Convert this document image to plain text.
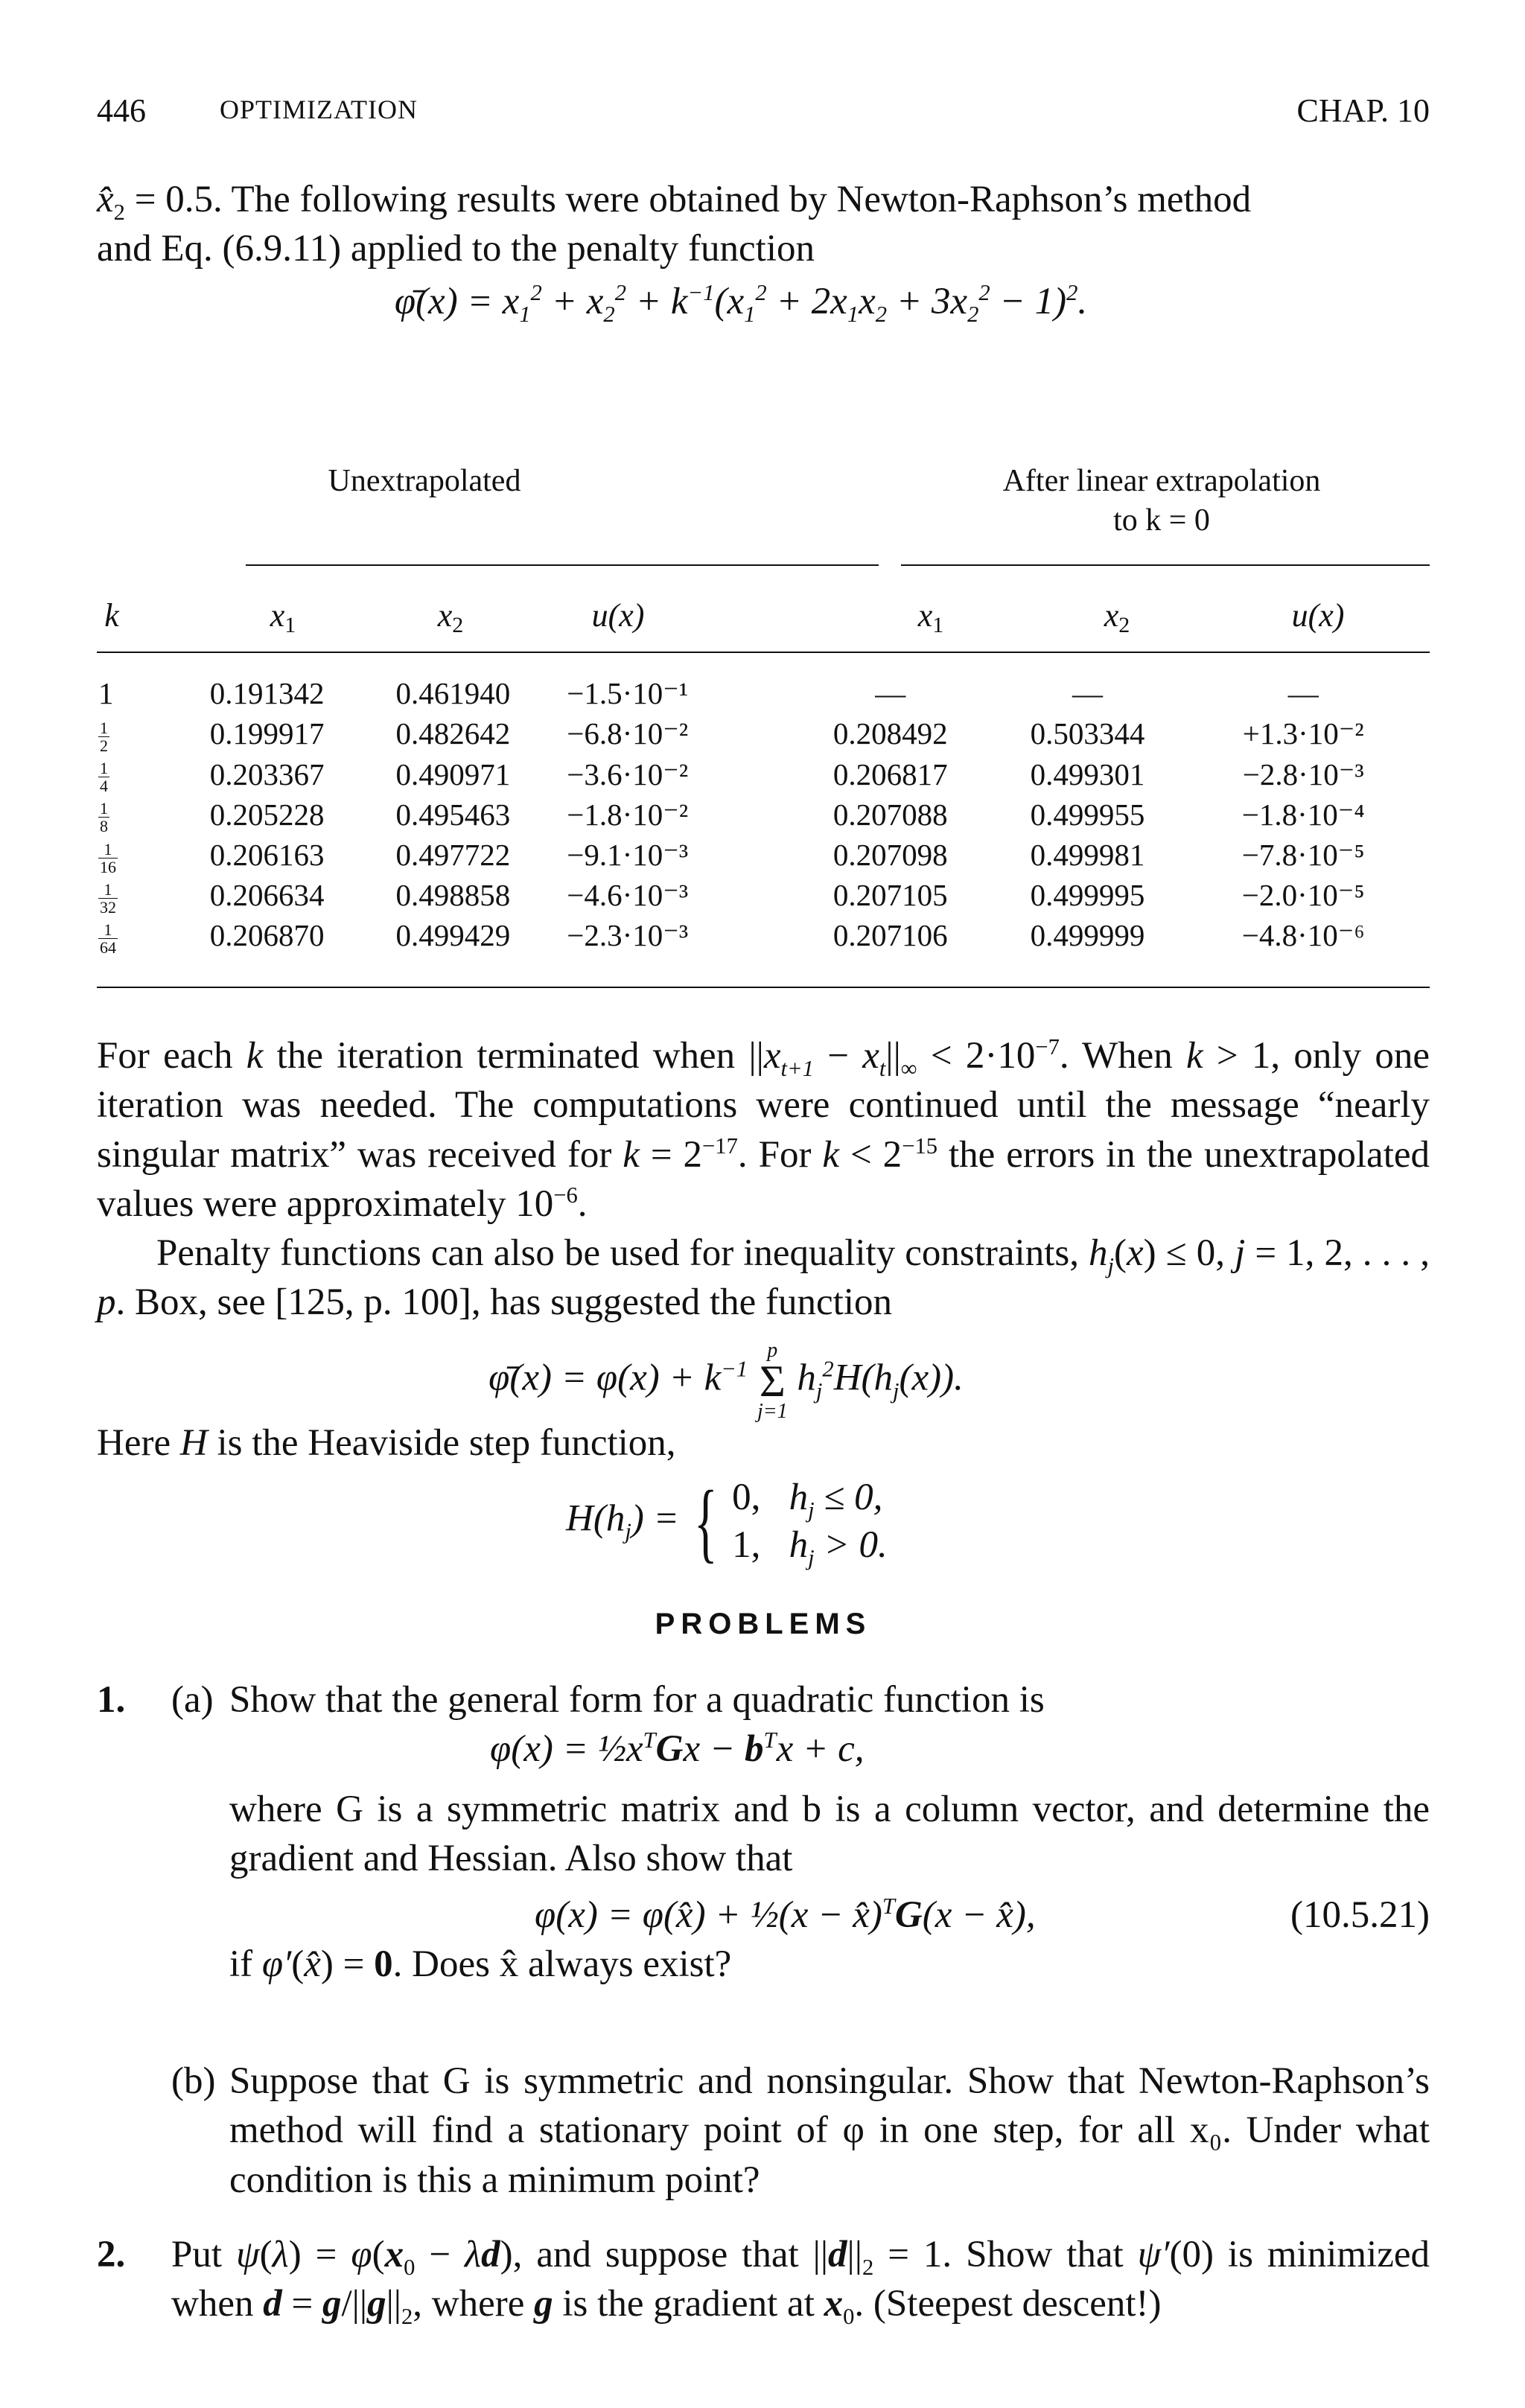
446	OPTIMIZATION	CHAP. 10

$x̂_2 = 0.5$. The following results were obtained by Newton-Raphson’s method

and Eq. (6.9.11) applied to the penalty function

φ̄(x) = $x_1^2 + x_2^2 + k^{-1}(x_1^2 + 2x_1x_2 + 3x_2^2 - 1)^2$.
Unextrapolated	After linear extrapolation
to k = 0
k	x1	x2	u(x)	x1	x2	u(x)
1	0.191342	0.461940	−1.5·10⁻¹	—	—	—

$\frac{1}{2}$	0.199917	0.482642	−6.8·10⁻²	0.208492	0.503344	+1.3·10⁻²

$\frac{1}{4}$	0.203367	0.490971	−3.6·10⁻²	0.206817	0.499301	−2.8·10⁻³

$\frac{1}{8}$	0.205228	0.495463	−1.8·10⁻²	0.207088	0.499955	−1.8·10⁻⁴

$\frac{1}{16}$	0.206163	0.497722	−9.1·10⁻³	0.207098	0.499981	−7.8·10⁻⁵

$\frac{1}{32}$	0.206634	0.498858	−4.6·10⁻³	0.207105	0.499995	−2.0·10⁻⁵

$\frac{1}{64}$	0.206870	0.499429	−2.3·10⁻³	0.207106	0.499999	−4.8·10⁻⁶

For each k the iteration terminated when $||x_{t+1} - x_t||_\infty < 2\cdot 10^{-7}$. When k > 1, only one iteration was needed. The computations were continued until the message “nearly singular matrix” was received for $k = 2^{-17}$. For $k < 2^{-15}$ the errors in the unextrapolated values were approximately $10^{-6}$.

Penalty functions can also be used for inequality constraints, $h_j(x) \le 0$, j = 1, 2, . . . , p. Box, see [125, p. 100], has suggested the function

φ̄(x) = $\varphi(x) + k^{-1}$
p
Σ
j=1
$h_j^2H(h_j(x))$.
Here H is the Heaviside step function,
$H(h_j)$ = { 0,   $h_j \le 0$,
1,   $h_j > 0$.
PROBLEMS
1. (a) Show that the general form for a quadratic function is

$\varphi(x) = \frac{1}{2}x^TGx - b^Tx + c$,

where G is a symmetric matrix and b is a column vector, and determine the gradient and Hessian. Also show that

φ(x) = φ(x̂) + ½(x − x̂)$^T$G(x − x̂),	(10.5.21)

if φ′(x̂) = 0. Does x̂ always exist?

(b) Suppose that G is symmetric and nonsingular. Show that Newton-Raphson’s method will find a stationary point of φ in one step, for all x₀. Under what condition is this a minimum point?
2. Put $\psi(\lambda) = \varphi(x_0 - \lambda d)$, and suppose that $||d||_2 = 1$. Show that ψ′(0) is minimized when $d = g/||g||_2$, where g is the gradient at $x_0$. (Steepest descent!)
